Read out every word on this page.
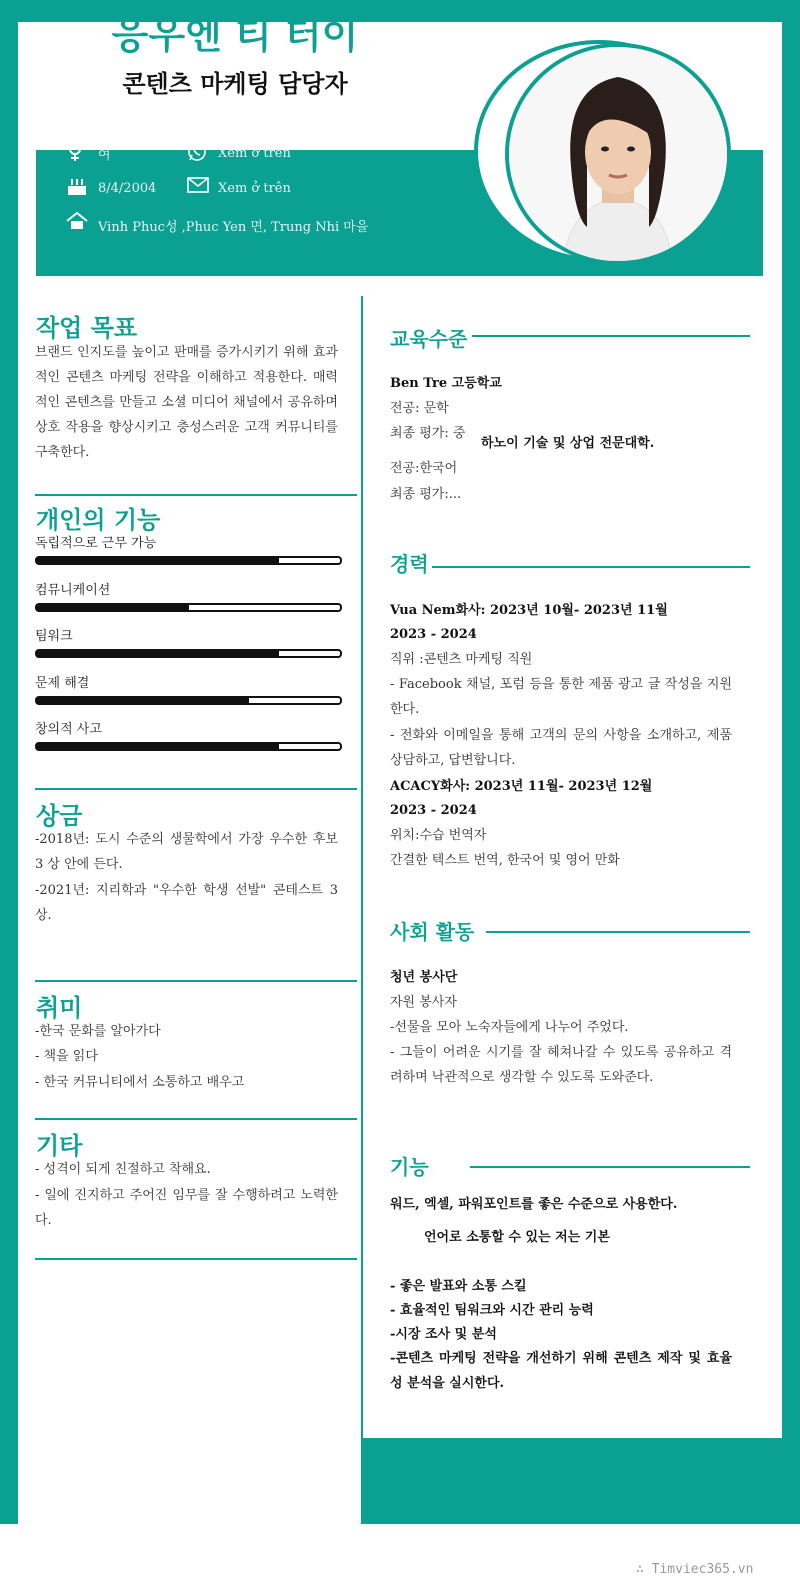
응우엔 티 터이
콘텐츠 마케팅 담당자
여	Xem ở trên
8/4/2004	Xem ở trên
Vinh Phuc성 ,Phuc Yen 면, Trung Nhi 마을
작업 목표
브랜드 인지도를 높이고 판매를 증가시키기 위해 효과적인 콘텐츠 마케팅 전략을 이해하고 적용한다. 매력적인 콘텐츠를 만들고 소셜 미디어 채널에서 공유하며 상호 작용을 향상시키고 충성스러운 고객 커뮤니티를 구축한다.
개인의 기능
독립적으로 근무 가능
컴뮤니케이션
팀워크
문제 해결
창의적 사고
상금
-2018년: 도시 수준의 생물학에서 가장 우수한 후보 3 상 안에 든다.
-2021년: 지리학과 "우수한 학생 선발" 콘테스트 3 상.
취미
-한국 문화를 알아가다
- 책을 읽다
- 한국 커뮤니티에서 소통하고 배우고
기타
- 성격이 되게 친절하고 착해요.
- 일에 진지하고 주어진 임무를 잘 수행하려고 노력한다.
교육수준
Ben Tre 고등학교
전공: 문학
최종 평가: 중
하노이 기술 및 상업 전문대학.
전공:한국어
최종 평가:...
경력
Vua Nem화사: 2023년 10월- 2023년 11월
2023 - 2024
직위 :콘텐츠 마케팅 직원
- Facebook 채널, 포럼 등을 통한 제품 광고 글 작성을 지원한다.
- 전화와 이메일을 통해 고객의 문의 사항을 소개하고, 제품 상담하고, 답변합니다.
ACACY화사: 2023년 11월- 2023년 12월
2023 - 2024
위치:수습 번역자
간결한 텍스트 번역, 한국어 및 영어 만화
사회 활동
청년 봉사단
자원 봉사자
-선물을 모아 노숙자들에게 나누어 주었다.
- 그들이 어려운 시기를 잘 헤쳐나갈 수 있도록 공유하고 격려하며 낙관적으로 생각할 수 있도록 도와준다.
기능
워드, 엑셀, 파워포인트를 좋은 수준으로 사용한다.
언어로 소통할 수 있는 저는 기본
- 좋은 발표와 소통 스킬
- 효율적인 팀워크와 시간 관리 능력
-시장 조사 및 분석
-콘텐츠 마케팅 전략을 개선하기 위해 콘텐츠 제작 및 효율성 분석을 실시한다.
∴ Timviec365.vn
